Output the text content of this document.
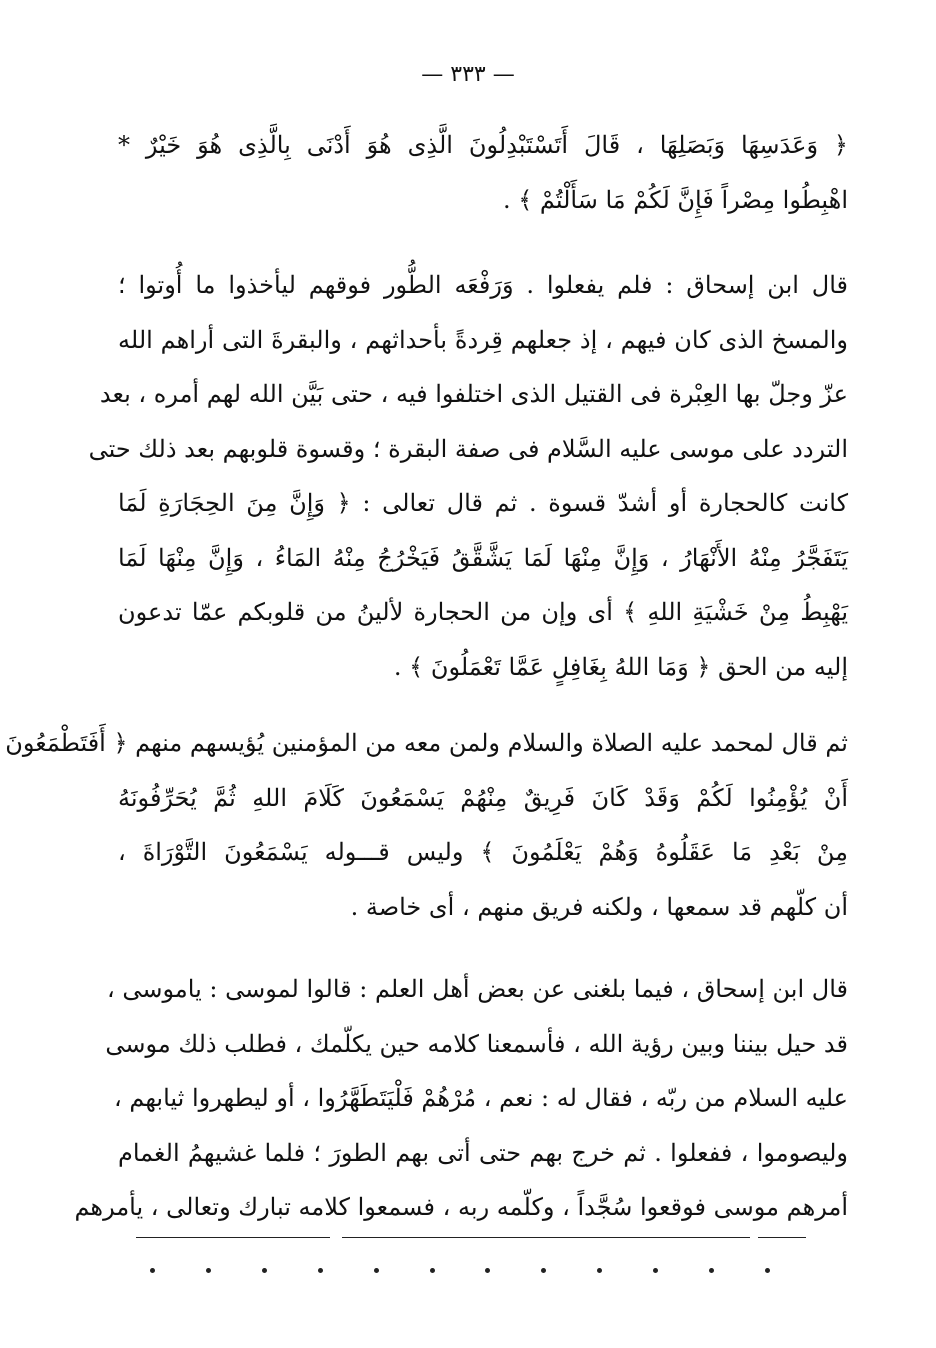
— ٣٣٣ —
﴿ وَعَدَسِهَا وَبَصَلِهَا ، قَالَ أَتَسْتَبْدِلُونَ الَّذِى هُوَ أَدْنَى بِالَّذِى هُوَ خَيْرٌ *
اهْبِطُوا مِصْراً فَإِنَّ لَكُمْ مَا سَأَلْتُمْ ﴾ .
قال ابن إسحاق : فلم يفعلوا . وَرَفْعَه الطُّور فوقهم ليأخذوا ما أُوتوا ؛
والمسخ الذى كان فيهم ، إذ جعلهم قِردةً بأحداثهم ، والبقرةَ التى أراهم الله
عزّ وجلّ بها العِبْرة فى القتيل الذى اختلفوا فيه ، حتى بَيَّن الله لهم أمره ، بعد
التردد على موسى عليه السَّلام فى صفة البقرة ؛ وقسوة قلوبهم بعد ذلك حتى
كانت كالحجارة أو أشدّ قسوة . ثم قال تعالى : ﴿ وَإِنَّ مِنَ الحِجَارَةِ لَمَا
يَتَفَجَّرُ مِنْهُ الأَنْهَارُ ، وَإِنَّ مِنْهَا لَمَا يَشَّقَّقُ فَيَخْرُجُ مِنْهُ المَاءُ ، وَإِنَّ مِنْهَا لَمَا
يَهْبِطُ مِنْ خَشْيَةِ اللهِ ﴾ أى وإن من الحجارة لألينُ من قلوبكم عمّا تدعون
إليه من الحق ﴿ وَمَا اللهُ بِغَافِلٍ عَمَّا تَعْمَلُونَ ﴾ .
ثم قال لمحمد عليه الصلاة والسلام ولمن معه من المؤمنين يُؤيسهم منهم ﴿ أَفَتَطْمَعُونَ
أَنْ يُؤْمِنُوا لَكُمْ وَقَدْ كَانَ فَرِيقٌ مِنْهُمْ يَسْمَعُونَ كَلَامَ اللهِ ثُمَّ يُحَرِّفُونَهُ
مِنْ بَعْدِ مَا عَقَلُوهُ وَهُمْ يَعْلَمُونَ ﴾ وليس قـــوله يَسْمَعُونَ التَّوْرَاةَ ،
أن كلّهم قد سمعها ، ولكنه فريق منهم ، أى خاصة .
قال ابن إسحاق ، فيما بلغنى عن بعض أهل العلم : قالوا لموسى : ياموسى ،
قد حيل بيننا وبين رؤية الله ، فأسمعنا كلامه حين يكلّمك ، فطلب ذلك موسى
عليه السلام من ربّه ، فقال له : نعم ، مُرْهُمْ فَلْيَتَطَهَّرُوا ، أو ليطهروا ثيابهم ،
وليصوموا ، ففعلوا . ثم خرج بهم حتى أتى بهم الطورَ ؛ فلما غشيهمُ الغمام
أمرهم موسى فوقعوا سُجَّداً ، وكلّمه ربه ، فسمعوا كلامه تبارك وتعالى ، يأمرهم
